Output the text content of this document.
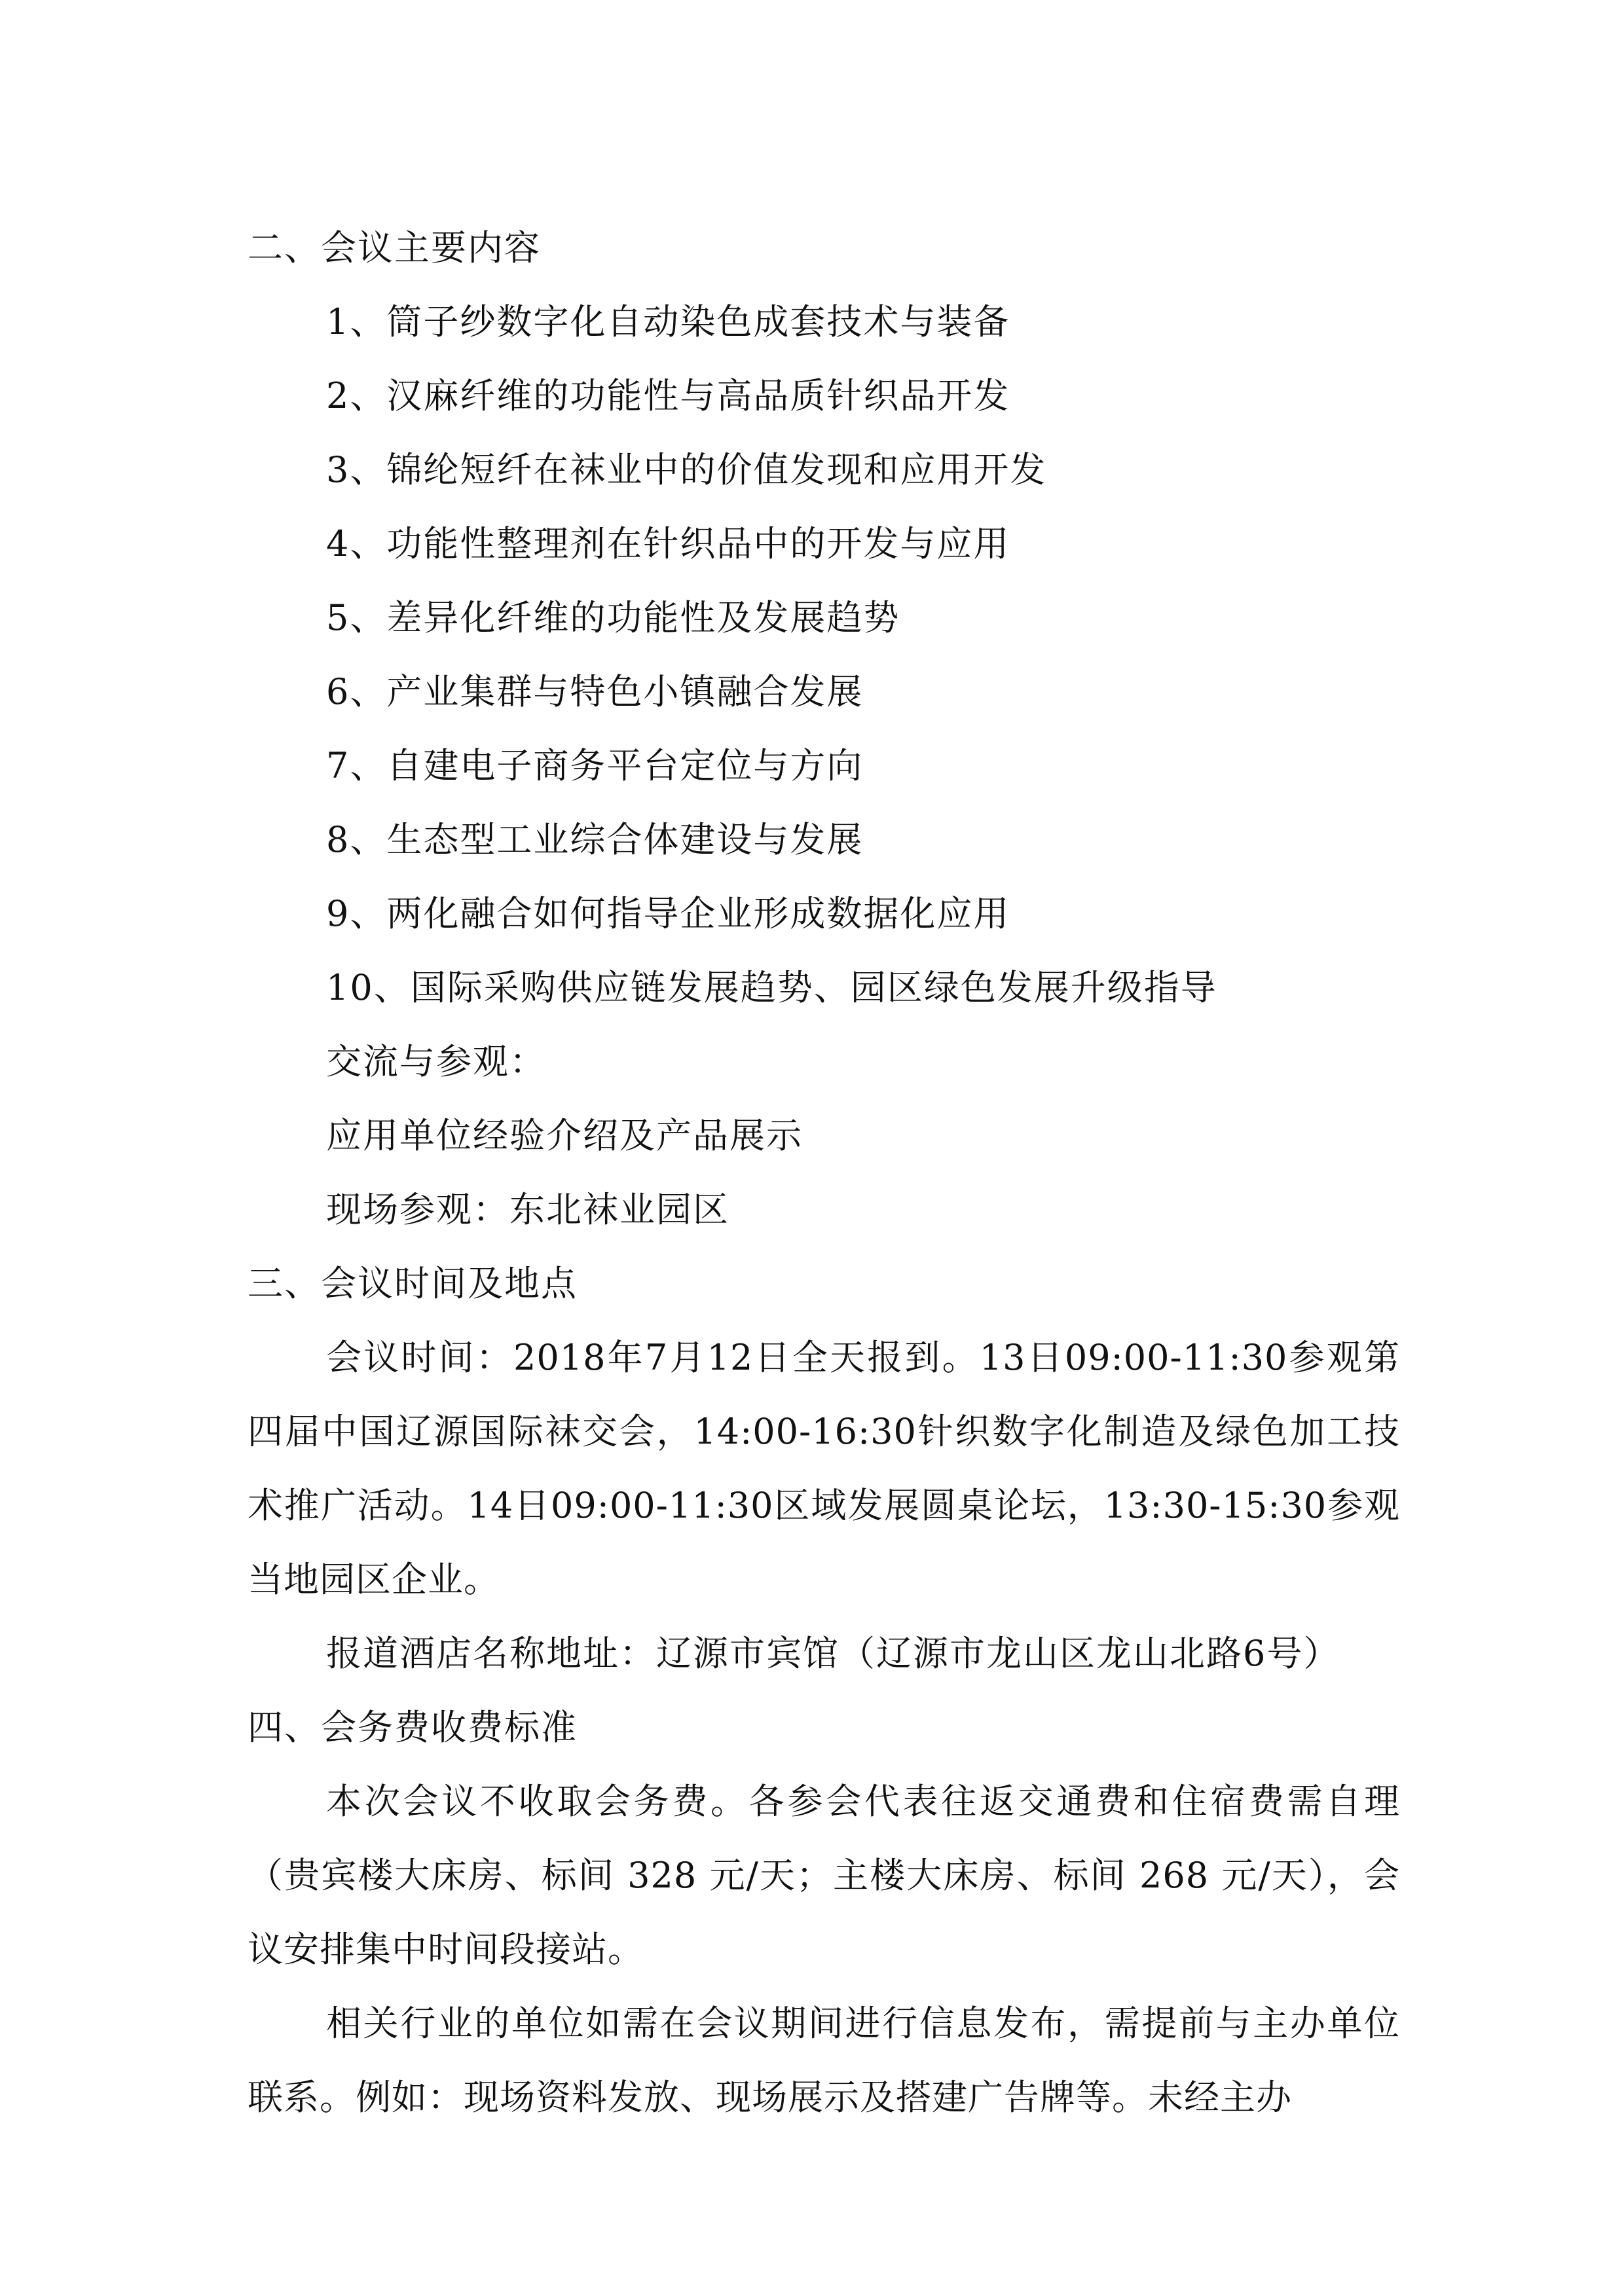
二、会议主要内容
1、筒子纱数字化自动染色成套技术与装备
2、汉麻纤维的功能性与高品质针织品开发
3、锦纶短纤在袜业中的价值发现和应用开发
4、功能性整理剂在针织品中的开发与应用
5、差异化纤维的功能性及发展趋势
6、产业集群与特色小镇融合发展
7、自建电子商务平台定位与方向
8、生态型工业综合体建设与发展
9、两化融合如何指导企业形成数据化应用
10、国际采购供应链发展趋势、园区绿色发展升级指导
交流与参观：
应用单位经验介绍及产品展示
现场参观：东北袜业园区
三、会议时间及地点

会议时间：2018年7月12日全天报到。13日09:00-11:30参观第四届中国辽源国际袜交会，14:00-16:30针织数字化制造及绿色加工技术推广活动。14日09:00-11:30区域发展圆桌论坛，13:30-15:30参观当地园区企业。

报道酒店名称地址：辽源市宾馆（辽源市龙山区龙山北路6号）

四、会务费收费标准

本次会议不收取会务费。各参会代表往返交通费和住宿费需自理（贵宾楼大床房、标间 328 元/天；主楼大床房、标间 268 元/天），会议安排集中时间段接站。

相关行业的单位如需在会议期间进行信息发布，需提前与主办单位联系。例如：现场资料发放、现场展示及搭建广告牌等。未经主办
